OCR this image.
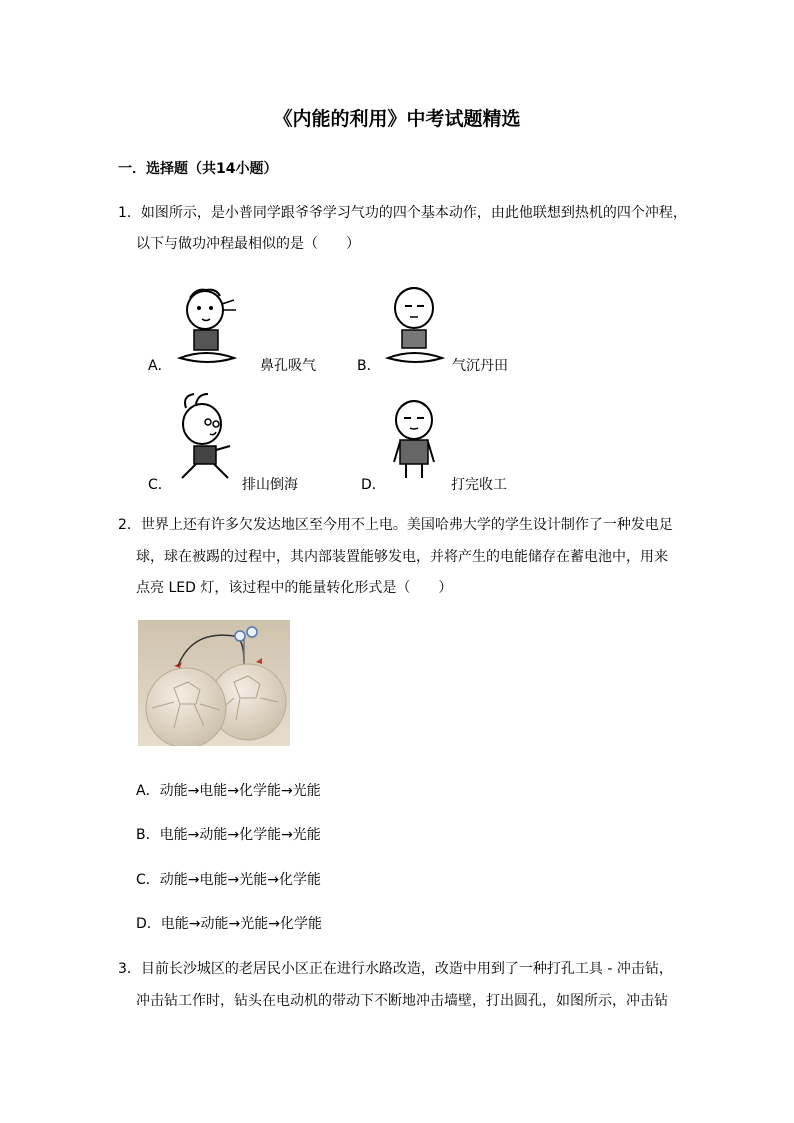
《内能的利用》中考试题精选
一．选择题（共14小题）
1．如图所示，是小普同学跟爷爷学习气功的四个基本动作，由此他联想到热机的四个冲程，
以下与做功冲程最相似的是（　　）
A．	鼻孔吸气	B．	气沉丹田
C．	排山倒海	D．	打完收工
2．世界上还有许多欠发达地区至今用不上电。美国哈弗大学的学生设计制作了一种发电足
球，球在被踢的过程中，其内部装置能够发电，并将产生的电能储存在蓄电池中，用来
点亮 LED 灯，该过程中的能量转化形式是（　　）
A．动能→电能→化学能→光能
B．电能→动能→化学能→光能
C．动能→电能→光能→化学能
D．电能→动能→光能→化学能
3．目前长沙城区的老居民小区正在进行水路改造，改造中用到了一种打孔工具 - 冲击钻，
冲击钻工作时，钻头在电动机的带动下不断地冲击墙壁，打出圆孔，如图所示，冲击钻
